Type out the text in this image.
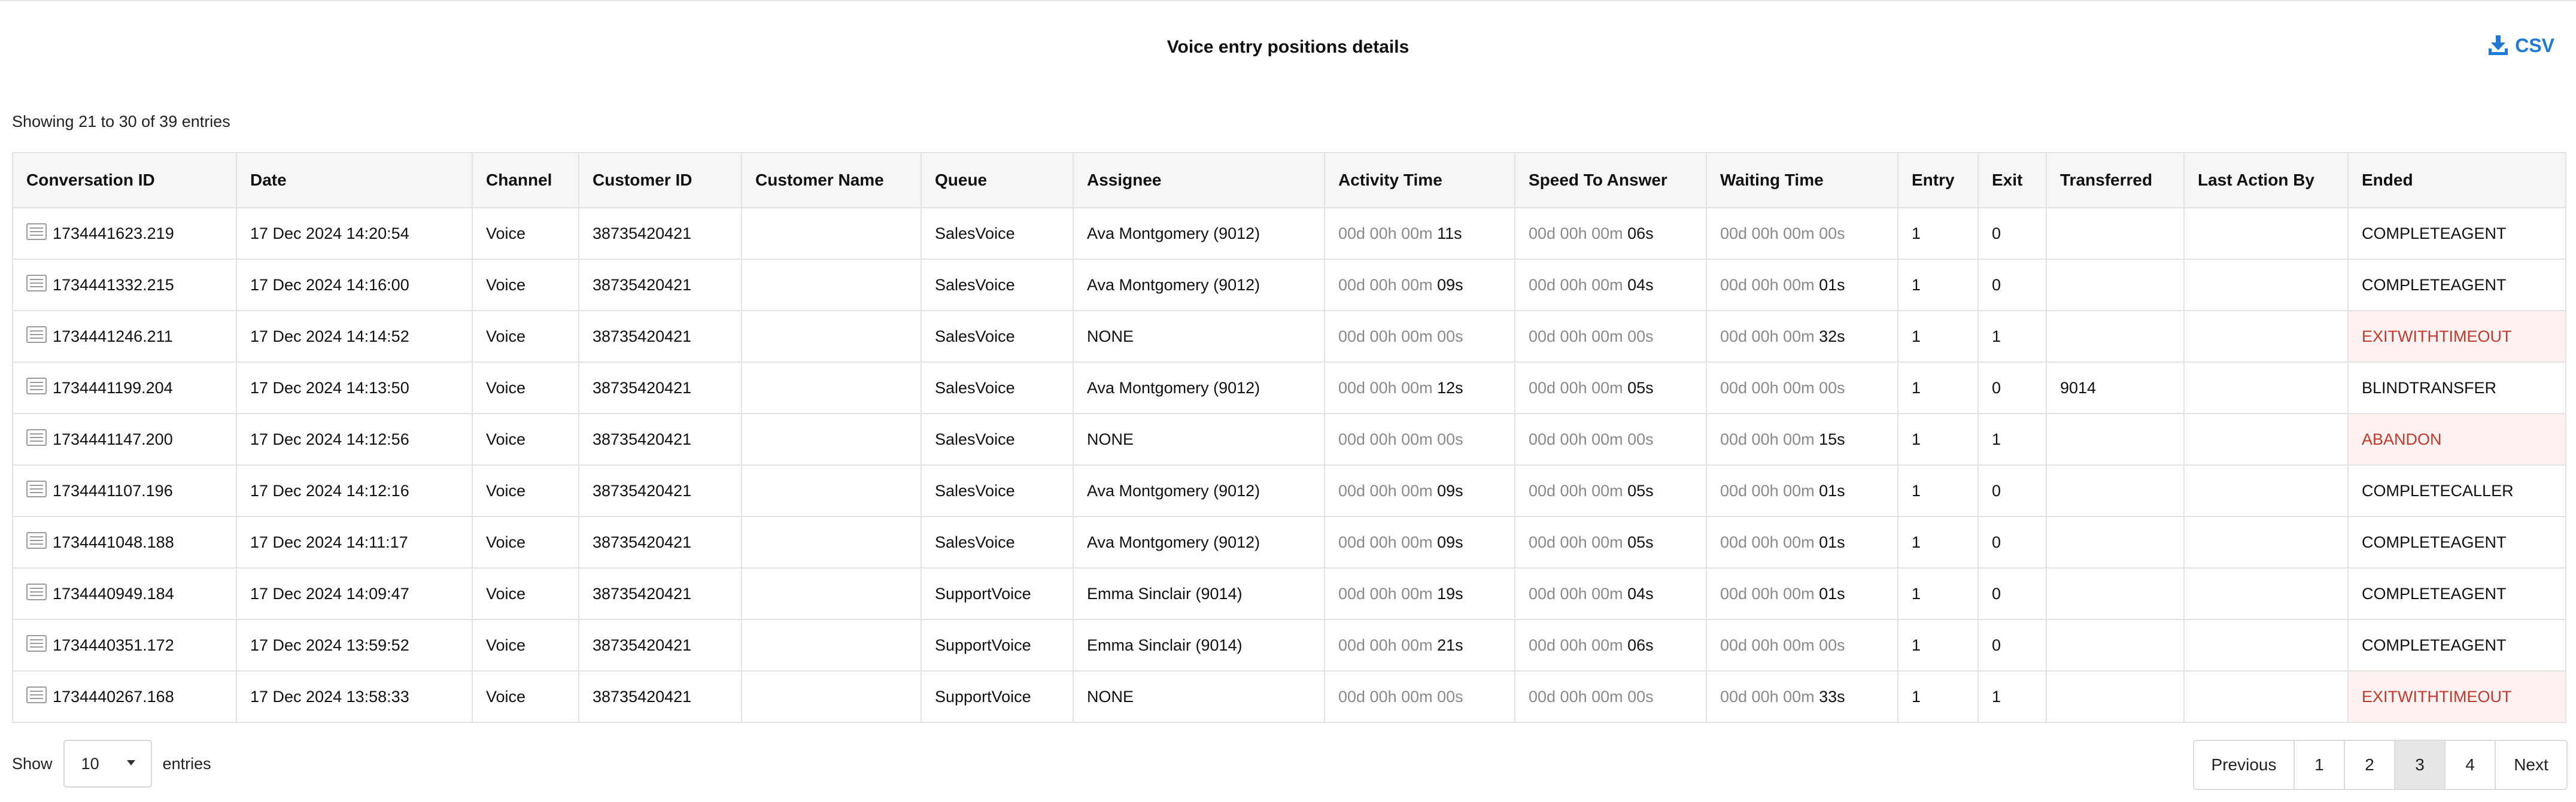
Voice entry positions details	CSV
Showing 21 to 30 of 39 entries
Conversation ID	Date	Channel	Customer ID	Customer Name	Queue	Assignee	Activity Time	Speed To Answer	Waiting Time	Entry	Exit	Transferred	Last Action By	Ended

1734441623.219	17 Dec 2024 14:20:54	Voice	38735420421		SalesVoice	Ava Montgomery (9012)	00d 00h 00m 11s	00d 00h 00m 06s	00d 00h 00m 00s	1	0			COMPLETEAGENT

1734441332.215	17 Dec 2024 14:16:00	Voice	38735420421		SalesVoice	Ava Montgomery (9012)	00d 00h 00m 09s	00d 00h 00m 04s	00d 00h 00m 01s	1	0			COMPLETEAGENT

1734441246.211	17 Dec 2024 14:14:52	Voice	38735420421		SalesVoice	NONE	00d 00h 00m 00s	00d 00h 00m 00s	00d 00h 00m 32s	1	1			EXITWITHTIMEOUT

1734441199.204	17 Dec 2024 14:13:50	Voice	38735420421		SalesVoice	Ava Montgomery (9012)	00d 00h 00m 12s	00d 00h 00m 05s	00d 00h 00m 00s	1	0	9014		BLINDTRANSFER

1734441147.200	17 Dec 2024 14:12:56	Voice	38735420421		SalesVoice	NONE	00d 00h 00m 00s	00d 00h 00m 00s	00d 00h 00m 15s	1	1			ABANDON

1734441107.196	17 Dec 2024 14:12:16	Voice	38735420421		SalesVoice	Ava Montgomery (9012)	00d 00h 00m 09s	00d 00h 00m 05s	00d 00h 00m 01s	1	0			COMPLETECALLER

1734441048.188	17 Dec 2024 14:11:17	Voice	38735420421		SalesVoice	Ava Montgomery (9012)	00d 00h 00m 09s	00d 00h 00m 05s	00d 00h 00m 01s	1	0			COMPLETEAGENT

1734440949.184	17 Dec 2024 14:09:47	Voice	38735420421		SupportVoice	Emma Sinclair (9014)	00d 00h 00m 19s	00d 00h 00m 04s	00d 00h 00m 01s	1	0			COMPLETEAGENT

1734440351.172	17 Dec 2024 13:59:52	Voice	38735420421		SupportVoice	Emma Sinclair (9014)	00d 00h 00m 21s	00d 00h 00m 06s	00d 00h 00m 00s	1	0			COMPLETEAGENT

1734440267.168	17 Dec 2024 13:58:33	Voice	38735420421		SupportVoice	NONE	00d 00h 00m 00s	00d 00h 00m 00s	00d 00h 00m 33s	1	1			EXITWITHTIMEOUT
Show 10	entries	Previous	1	2	3	4	Next
